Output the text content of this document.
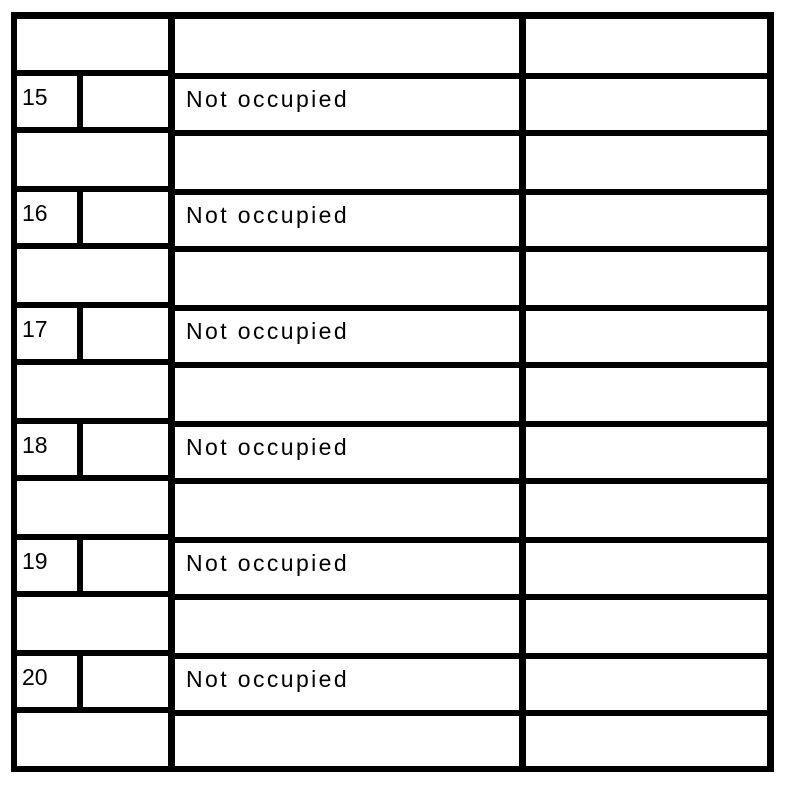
15
16
17
18
19
20
Not occupied
Not occupied
Not occupied
Not occupied
Not occupied
Not occupied
